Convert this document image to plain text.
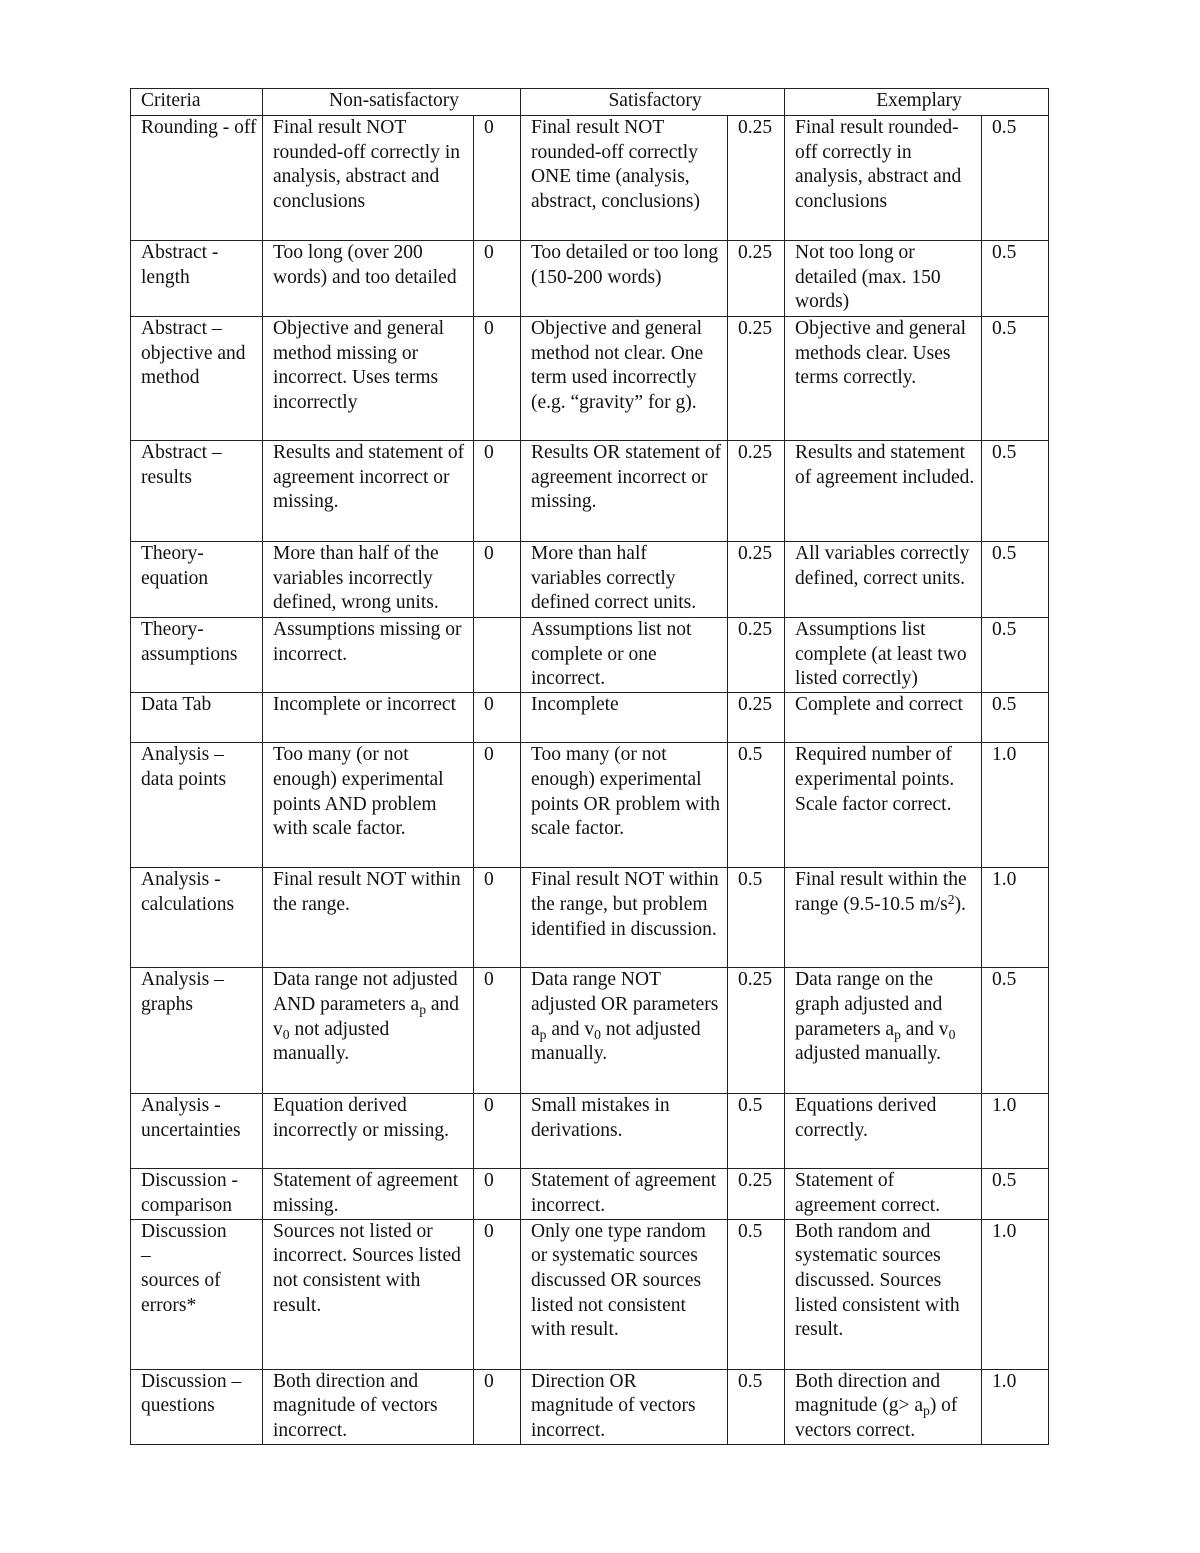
Criteria	Non-satisfactory		Satisfactory		Exemplary	
Rounding - off	Final result NOT rounded-off correctly in analysis, abstract and conclusions	0	Final result NOT rounded-off correctly ONE time (analysis, abstract, conclusions)	0.25	Final result rounded-off correctly in analysis, abstract and conclusions	0.5
Abstract - length	Too long (over 200 words) and too detailed	0	Too detailed or too long (150-200 words)	0.25	Not too long or detailed (max. 150 words)	0.5
Abstract – objective and method	Objective and general method missing or incorrect. Uses terms incorrectly	0	Objective and general method not clear. One term used incorrectly (e.g. “gravity” for g).	0.25	Objective and general methods clear. Uses terms correctly.	0.5
Abstract – results	Results and statement of agreement incorrect or missing.	0	Results OR statement of agreement incorrect or missing.	0.25	Results and statement of agreement included.	0.5
Theory- equation	More than half of the variables incorrectly defined, wrong units.	0	More than half variables correctly defined correct units.	0.25	All variables correctly defined, correct units.	0.5
Theory- assumptions	Assumptions missing or incorrect.		Assumptions list not complete or one incorrect.	0.25	Assumptions list complete (at least two listed correctly)	0.5
Data Tab	Incomplete or incorrect	0	Incomplete	0.25	Complete and correct	0.5
Analysis – data points	Too many (or not enough) experimental points AND problem with scale factor.	0	Too many (or not enough) experimental points OR problem with scale factor.	0.5	Required number of experimental points. Scale factor correct.	1.0
Analysis - calculations	Final result NOT within the range.	0	Final result NOT within the range, but problem identified in discussion.	0.5	Final result within the range (9.5-10.5 $m/s^2$).	1.0
Analysis – graphs	Data range not adjusted AND parameters $a_p$ and $v_0$ not adjusted manually.	0	Data range NOT adjusted OR parameters $a_p$ and $v_0$ not adjusted manually.	0.25	Data range on the graph adjusted and parameters $a_p$ and $v_0$ adjusted manually.	0.5
Analysis - uncertainties	Equation derived incorrectly or missing.	0	Small mistakes in derivations.	0.5	Equations derived correctly.	1.0
Discussion - comparison	Statement of agreement missing.	0	Statement of agreement incorrect.	0.25	Statement of agreement correct.	0.5
Discussion
–
sources of errors*	Sources not listed or incorrect. Sources listed not consistent with result.	0	Only one type random or systematic sources discussed OR sources listed not consistent with result.	0.5	Both random and systematic sources discussed. Sources listed consistent with result.	1.0
Discussion – questions	Both direction and magnitude of vectors incorrect.	0	Direction OR magnitude of vectors incorrect.	0.5	Both direction and magnitude $(g> a_p)$ of vectors correct.	1.0
